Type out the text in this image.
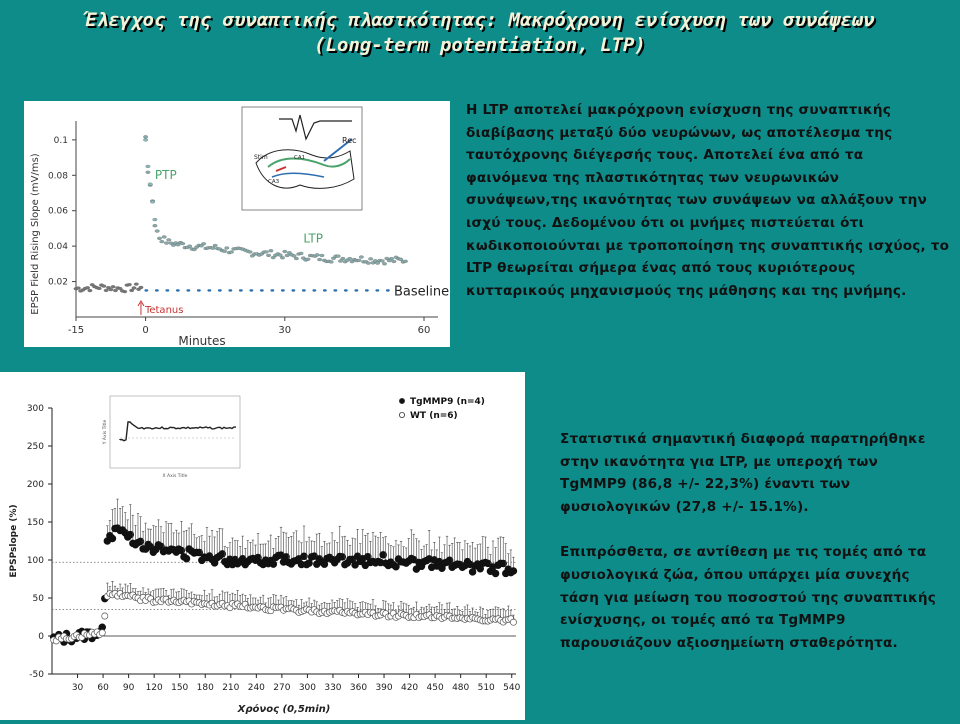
Έλεγχος της συναπτικής πλαστκότητας: Μακρόχρονη ενίσχυση των συνάψεων
(Long-term potentiation, LTP)
0.02
0.04
0.06
0.08
0.1
-15	0	30	60
Minutes
EPSP Field Rising Slope (mV/ms)	Baseline
PTP
LTP
Tetanus
Stim	CA1
CA3
Rec
H LTP αποτελεί μακρόχρονη ενίσχυση της συναπτικής διαβίβασης μεταξύ δύο νευρώνων, ως αποτέλεσμα της ταυτόχρονης διέγερσής τους. Αποτελεί ένα από τα φαινόμενα της πλαστικότητας των νευρωνικών συνάψεων,της ικανότητας των συνάψεων να αλλάξουν την ισχύ τους. Δεδομένου ότι οι μνήμες πιστεύεται ότι κωδικοποιούνται με τροποποίηση της συναπτικής ισχύος, το LTP θεωρείται σήμερα ένας από τους κυριότερους κυτταρικούς μηχανισμούς της μάθησης και της μνήμης.
-50
0
50
100
150
200
250
300
30 60 90 120 150 180 210 240 270 300 330 360 390 420 450 480 510 540
Χρόνος (0,5min)
EPSPslope (%)
TgMMP9 (n=4)
WT (n=6)
X Axis Title
Y Axis Title	Στατιστικά σημαντική διαφορά παρατηρήθηκε στην ικανότητα για LTP, με υπεροχή των TgMMP9 (86,8 +/- 22,3%) έναντι των φυσιολογικών (27,8 +/- 15.1%).

Επιπρόσθετα, σε αντίθεση με τις τομές από τα φυσιολογικά ζώα, όπου υπάρχει μία συνεχής τάση για μείωση του ποσοστού της συναπτικής ενίσχυσης, οι τομές από τα TgMMP9 παρουσιάζουν αξιοσημείωτη σταθερότητα.
